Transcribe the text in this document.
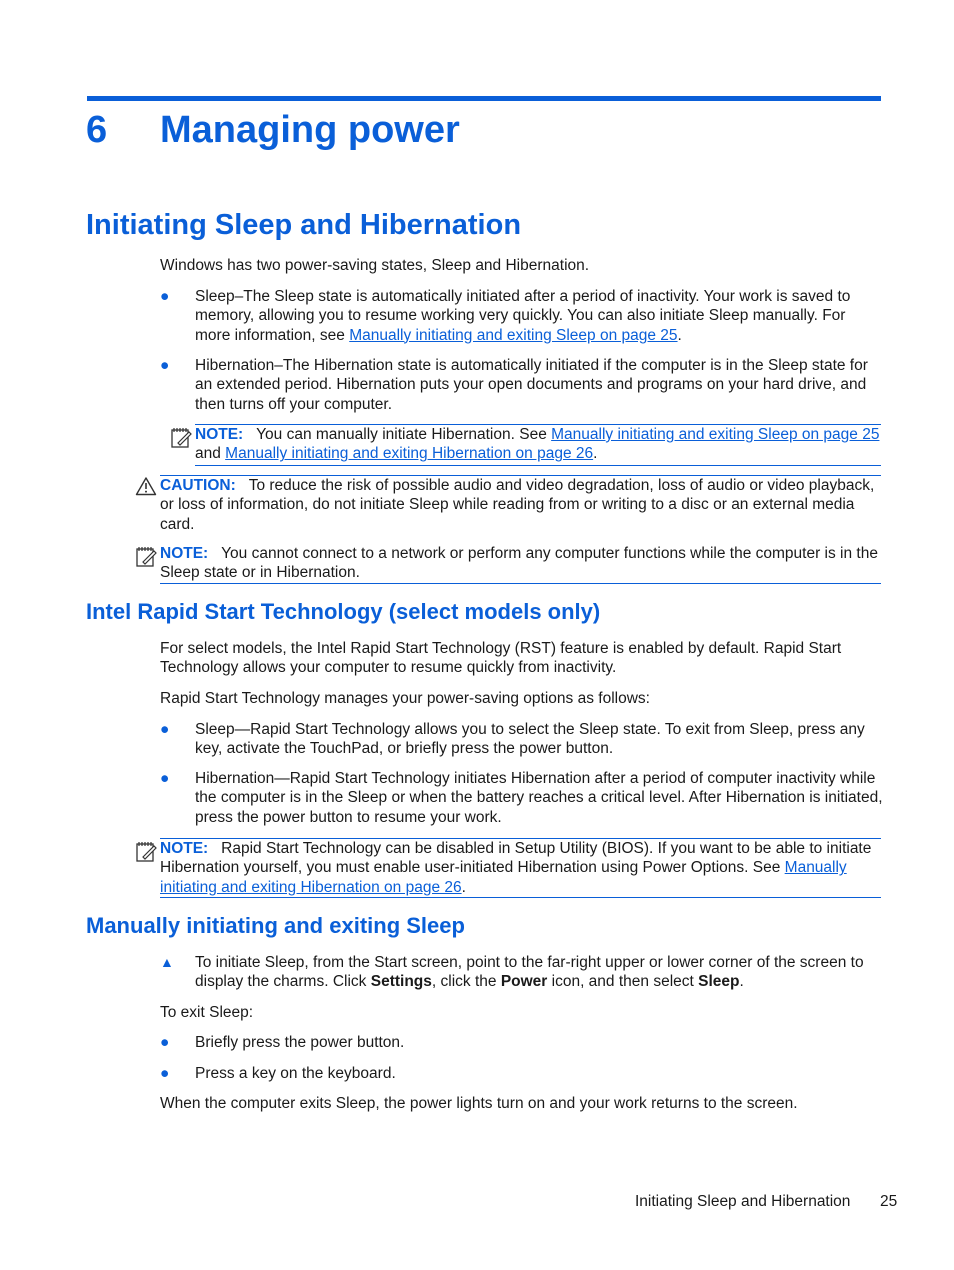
6 Managing power
Initiating Sleep and Hibernation
Windows has two power-saving states, Sleep and Hibernation.
● Sleep–The Sleep state is automatically initiated after a period of inactivity. Your work is saved to memory, allowing you to resume working very quickly. You can also initiate Sleep manually. For more information, see Manually initiating and exiting Sleep on page 25.
● Hibernation–The Hibernation state is automatically initiated if the computer is in the Sleep state for an extended period. Hibernation puts your open documents and programs on your hard drive, and then turns off your computer.
NOTE: You can manually initiate Hibernation. See Manually initiating and exiting Sleep on page 25 and Manually initiating and exiting Hibernation on page 26.
CAUTION: To reduce the risk of possible audio and video degradation, loss of audio or video playback, or loss of information, do not initiate Sleep while reading from or writing to a disc or an external media card.
NOTE: You cannot connect to a network or perform any computer functions while the computer is in the Sleep state or in Hibernation.
Intel Rapid Start Technology (select models only)
For select models, the Intel Rapid Start Technology (RST) feature is enabled by default. Rapid Start Technology allows your computer to resume quickly from inactivity.
Rapid Start Technology manages your power-saving options as follows:
● Sleep—Rapid Start Technology allows you to select the Sleep state. To exit from Sleep, press any key, activate the TouchPad, or briefly press the power button.
● Hibernation—Rapid Start Technology initiates Hibernation after a period of computer inactivity while the computer is in the Sleep or when the battery reaches a critical level. After Hibernation is initiated, press the power button to resume your work.
NOTE: Rapid Start Technology can be disabled in Setup Utility (BIOS). If you want to be able to initiate Hibernation yourself, you must enable user-initiated Hibernation using Power Options. See Manually initiating and exiting Hibernation on page 26.
Manually initiating and exiting Sleep
▲ To initiate Sleep, from the Start screen, point to the far-right upper or lower corner of the screen to display the charms. Click Settings, click the Power icon, and then select Sleep.
To exit Sleep:
● Briefly press the power button.
● Press a key on the keyboard.
When the computer exits Sleep, the power lights turn on and your work returns to the screen.
Initiating Sleep and Hibernation 25
